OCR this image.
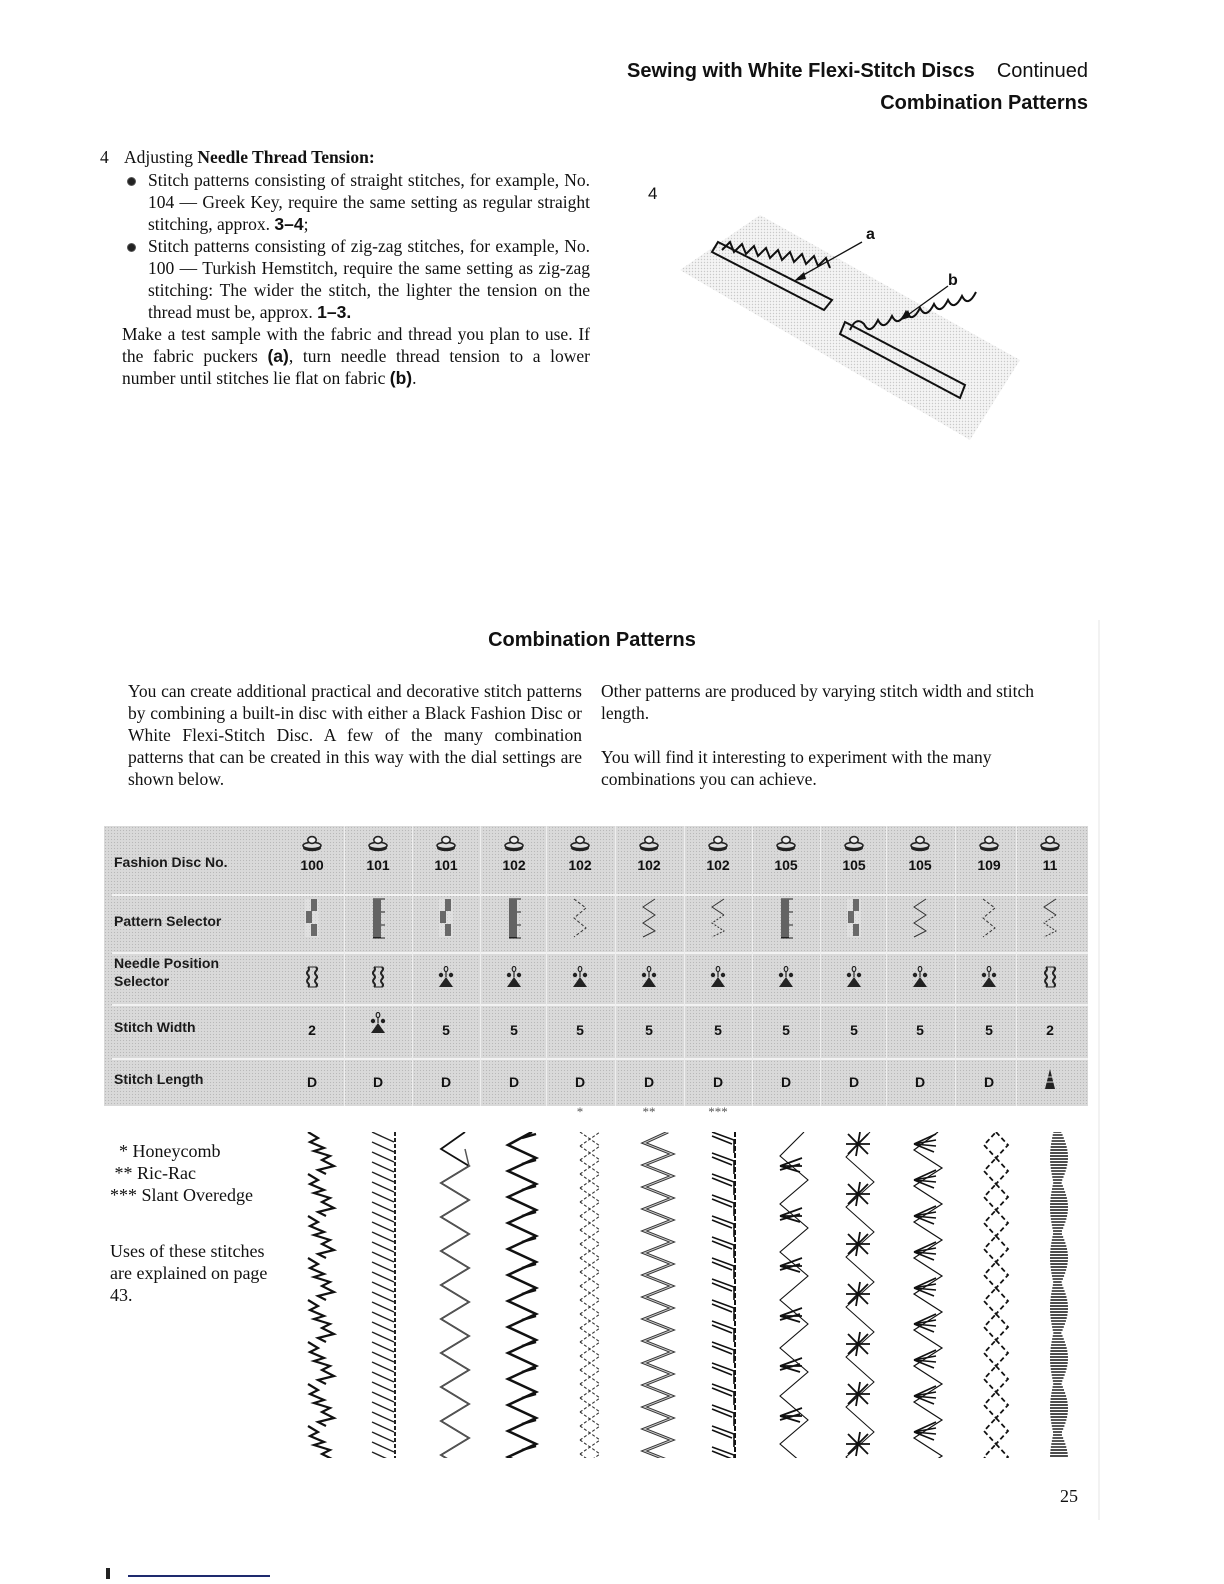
Sewing with White Flexi-Stitch Discs Continued
Combination Patterns
4 Adjusting Needle Thread Tension:
Stitch patterns consisting of straight stitches, for example, No. 104 — Greek Key, require the same setting as regular straight stitching, approx. 3–4;
Stitch patterns consisting of zig-zag stitches, for example, No. 100 — Turkish Hemstitch, require the same setting as zig-zag stitching: The wider the stitch, the lighter the tension on the thread must be, approx. 1–3.
Make a test sample with the fabric and thread you plan to use. If the fabric puckers (a), turn needle thread tension to a lower number until stitches lie flat on fabric (b).
4
a
b
Combination Patterns
You can create additional practical and decorative stitch patterns by combining a built-in disc with either a Black Fashion Disc or White Flexi-Stitch Disc. A few of the many combination patterns that can be created in this way with the dial settings are shown below.

Other patterns are produced by varying stitch width and stitch length.

You will find it interesting to experiment with the many combinations you can achieve.

Fashion Disc No.
Pattern Selector
Needle Position
Selector
Stitch Width
Stitch Length
100
2
D
101
D
101
5
D
102
5
D
102
5
D
102
5
D
102
5
D
105
5
D
105
5
D
105
5
D
109
5
D
11
2
*	**	***
* Honeycomb
** Ric-Rac
*** Slant Overedge
Uses of these stitches are explained on page 43.
25
